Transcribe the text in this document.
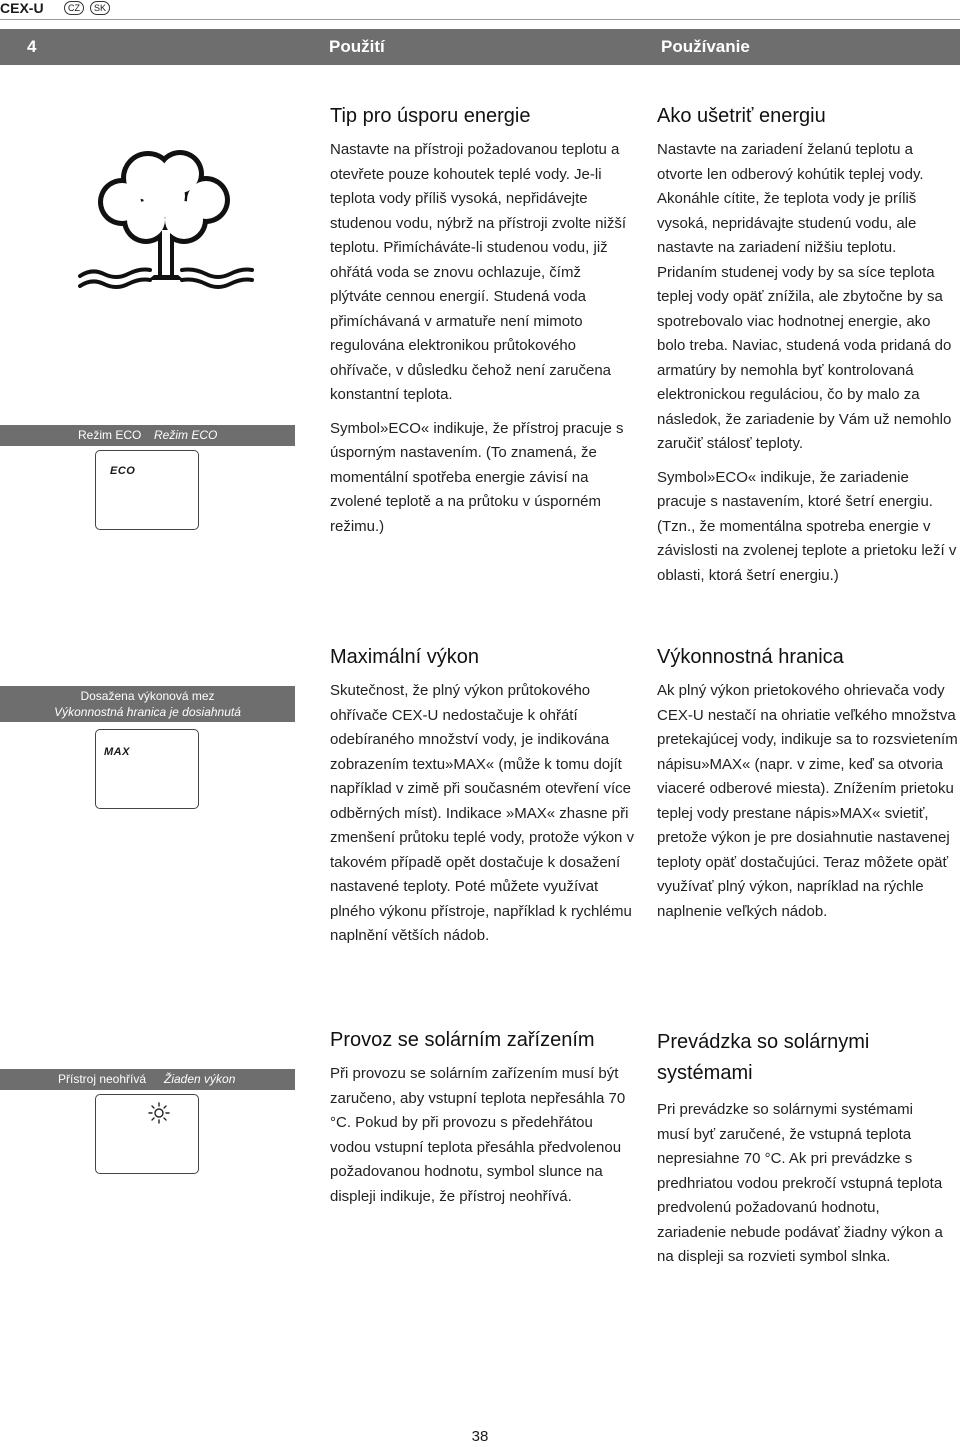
CEX-U	CZ	SK
4	Použití	Používanie
Režim ECO Režim ECO
ECO
Tip pro úsporu energie

Nastavte na přístroji požadovanou teplotu a otevřete pouze kohoutek teplé vody. Je-li teplota vody příliš vysoká, nepřidávejte studenou vodu, nýbrž na přístroji zvolte nižší teplotu. Přimícháváte-li studenou vodu, již ohřátá voda se znovu ochlazuje, čímž plýtváte cennou energií. Studená voda přimíchávaná v armatuře není mimoto regulována elektronikou průtokového ohřívače, v důsledku čehož není zaručena konstantní teplota.

Symbol»ECO« indikuje, že přístroj pracuje s úsporným nastavením. (To znamená, že momentální spotřeba energie závisí na zvolené teplotě a na průtoku v úsporném režimu.)

Ako ušetriť energiu

Nastavte na zariadení želanú teplotu a otvorte len odberový kohútik teplej vody. Akonáhle cítite, že teplota vody je príliš vysoká, nepridávajte studenú vodu, ale nastavte na zariadení nižšiu teplotu. Pridaním studenej vody by sa síce teplota teplej vody opäť znížila, ale zbytočne by sa spotrebovalo viac hodnotnej energie, ako bolo treba. Naviac, studená voda pridaná do armatúry by nemohla byť kontrolovaná elektronickou reguláciou, čo by malo za následok, že zariadenie by Vám už nemohlo zaručiť stálosť teploty.

Symbol»ECO« indikuje, že zariadenie pracuje s nastavením, ktoré šetrí energiu. (Tzn., že momentálna spotreba energie v závislosti na zvolenej teplote a prietoku leží v oblasti, ktorá šetrí energiu.)

Dosažena výkonová mez
Výkonnostná hranica je dosiahnutá
MAX
Maximální výkon

Skutečnost, že plný výkon průtokového ohřívače CEX-U nedostačuje k ohřátí odebíraného množství vody, je indikována zobrazením textu»MAX« (může k tomu dojít například v zimě při současném otevření více odběrných míst). Indikace »MAX« zhasne při zmenšení průtoku teplé vody, protože výkon v takovém případě opět dostačuje k dosažení nastavené teploty. Poté můžete využívat plného výkonu přístroje, například k rychlému naplnění větších nádob.

Výkonnostná hranica

Ak plný výkon prietokového ohrievača vody CEX-U nestačí na ohriatie veľkého množstva pretekajúcej vody, indikuje sa to rozsvietením nápisu»MAX« (napr. v zime, keď sa otvoria viaceré odberové miesta). Znížením prietoku teplej vody prestane nápis»MAX« svietiť, pretože výkon je pre dosiahnutie nastavenej teploty opäť dostačujúci. Teraz môžete opäť využívať plný výkon, napríklad na rýchle naplnenie veľkých nádob.

Přístroj neohřívá Žiaden výkon
Provoz se solárním zařízením

Při provozu se solárním zařízením musí být zaručeno, aby vstupní teplota nepřesáhla 70 °C. Pokud by při provozu s předehřátou vodou vstupní teplota přesáhla předvolenou požadovanou hodnotu, symbol slunce na displeji indikuje, že přístroj neohřívá.

Prevádzka so solárnymi systémami

Pri prevádzke so solárnymi systémami musí byť zaručené, že vstupná teplota nepresiahne 70 °C. Ak pri prevádzke s predhriatou vodou prekročí vstupná teplota predvolenú požadovanú hodnotu, zariadenie nebude podávať žiadny výkon a na displeji sa rozvieti symbol slnka.

38
